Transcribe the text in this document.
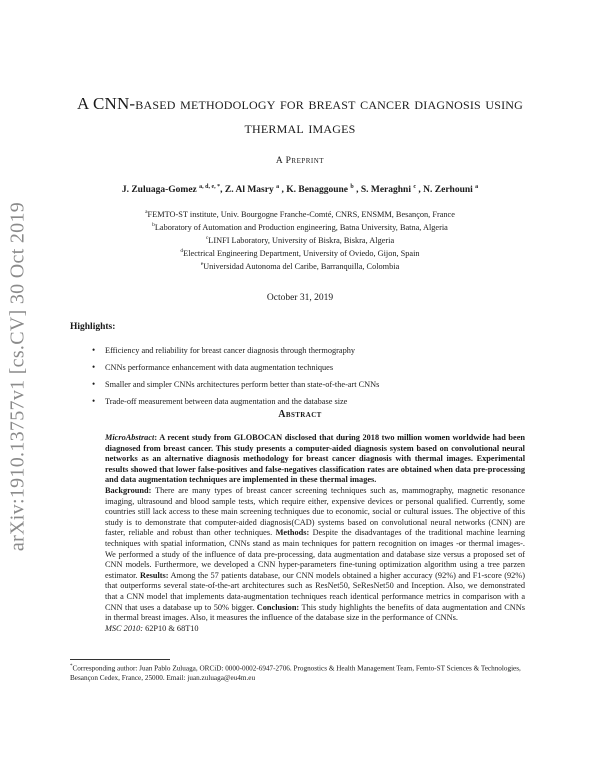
arXiv:1910.13757v1 [cs.CV] 30 Oct 2019
A CNN-based methodology for breast cancer diagnosis using thermal images
A Preprint
J. Zuluaga-Gomez $^{a, d, e, *}$, Z. Al Masry $^a$ , K. Benaggoune $^b$ , S. Meraghni $^c$ , N. Zerhouni $^a$
$^a$FEMTO-ST institute, Univ. Bourgogne Franche-Comté, CNRS, ENSMM, Besançon, France
$^b$Laboratory of Automation and Production engineering, Batna University, Batna, Algeria
$^c$LINFI Laboratory, University of Biskra, Biskra, Algeria
$^d$Electrical Engineering Department, University of Oviedo, Gijon, Spain
$^e$Universidad Autonoma del Caribe, Barranquilla, Colombia
October 31, 2019
Highlights:
• Efficiency and reliability for breast cancer diagnosis through thermography
• CNNs performance enhancement with data augmentation techniques
• Smaller and simpler CNNs architectures perform better than state-of-the-art CNNs
• Trade-off measurement between data augmentation and the database size
Abstract

MicroAbstract: A recent study from GLOBOCAN disclosed that during 2018 two million women worldwide had been diagnosed from breast cancer. This study presents a computer-aided diagnosis system based on convolutional neural networks as an alternative diagnosis methodology for breast cancer diagnosis with thermal images. Experimental results showed that lower false-positives and false-negatives classification rates are obtained when data pre-processing and data augmentation techniques are implemented in these thermal images.

Background: There are many types of breast cancer screening techniques such as, mammography, magnetic resonance imaging, ultrasound and blood sample tests, which require either, expensive devices or personal qualified. Currently, some countries still lack access to these main screening techniques due to economic, social or cultural issues. The objective of this study is to demonstrate that computer-aided diagnosis(CAD) systems based on convolutional neural networks (CNN) are faster, reliable and robust than other techniques. Methods: Despite the disadvantages of the traditional machine learning techniques with spatial information, CNNs stand as main techniques for pattern recognition on images -or thermal images-. We performed a study of the influence of data pre-processing, data augmentation and database size versus a proposed set of CNN models. Furthermore, we developed a CNN hyper-parameters fine-tuning optimization algorithm using a tree parzen estimator. Results: Among the 57 patients database, our CNN models obtained a higher accuracy (92%) and F1-score (92%) that outperforms several state-of-the-art architectures such as ResNet50, SeResNet50 and Inception. Also, we demonstrated that a CNN model that implements data-augmentation techniques reach identical performance metrics in comparison with a CNN that uses a database up to 50% bigger. Conclusion: This study highlights the benefits of data augmentation and CNNs in thermal breast images. Also, it measures the influence of the database size in the performance of CNNs.

MSC 2010: 62P10 & 68T10

*Corresponding author: Juan Pablo Zuluaga, ORCiD: 0000-0002-6947-2706. Prognostics & Health Management Team, Femto-ST Sciences & Technologies, Besançon Cedex, France, 25000. Email: juan.zuluaga@eu4m.eu
